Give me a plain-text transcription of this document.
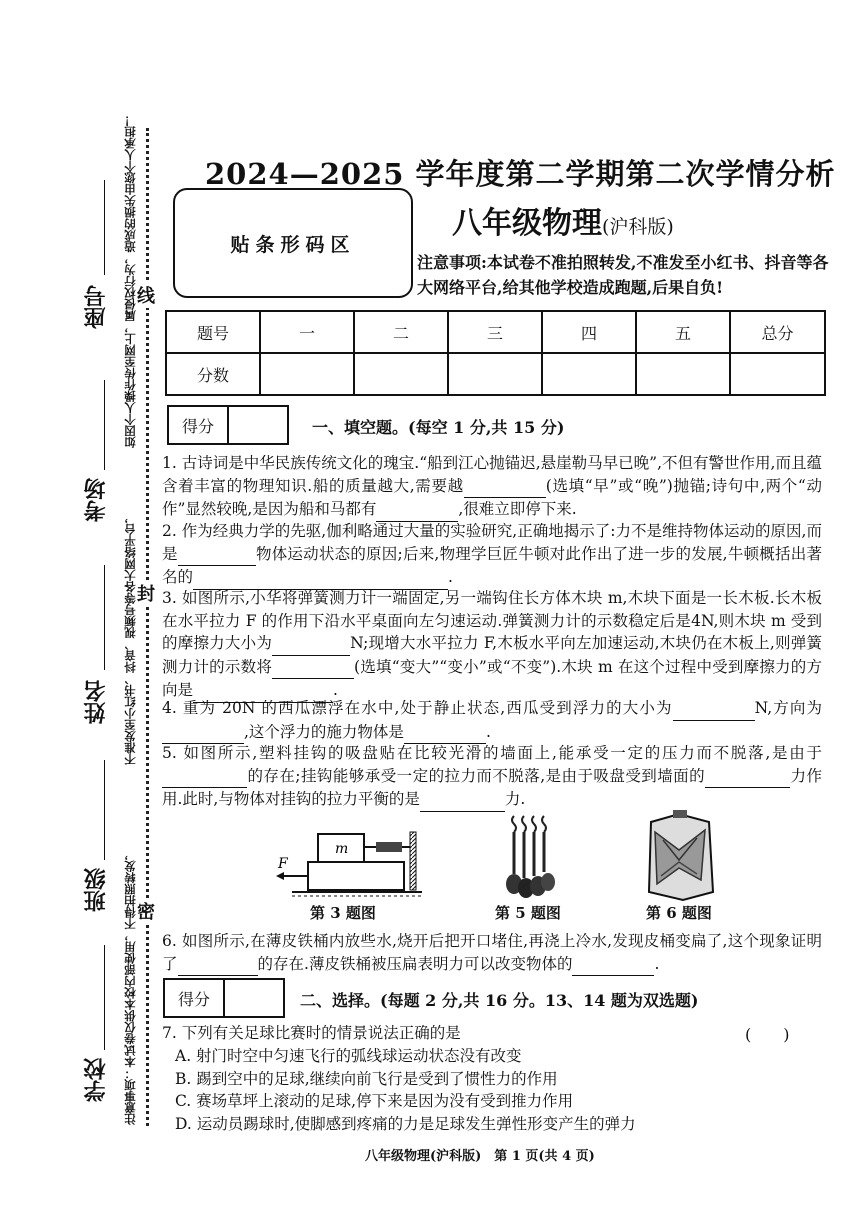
线
封
密
如因个人操作传至网上，属侵权行为，造成的损失由您个人承担！
不准发至小红书、抖音、视频号等各大网络平台，
注意事项：本试卷仅供本校内部使用，不得拍照转发，
座号
考场
姓名
班级
学校
2024—2025 学年度第二学期第二次学情分析
贴条形码区
八年级物理(沪科版)
注意事项:本试卷不准拍照转发,不准发至小红书、抖音等各大网络平台,给其他学校造成跑题,后果自负!
题号	一	二	三	四	五	总分
分数						
得分	一、填空题。(每空 1 分,共 15 分)

1. 古诗词是中华民族传统文化的瑰宝.“船到江心抛锚迟,悬崖勒马早已晚”,不但有警世作用,而且蕴含着丰富的物理知识.船的质量越大,需要越	(选填“早”或“晚”)抛锚;诗句中,两个“动作”显然较晚,是因为船和马都有	,很难立即停下来.

2. 作为经典力学的先驱,伽利略通过大量的实验研究,正确地揭示了:力不是维持物体运动的原因,而是	物体运动状态的原因;后来,物理学巨匠牛顿对此作出了进一步的发展,牛顿概括出著名的	.

3. 如图所示,小华将弹簧测力计一端固定,另一端钩住长方体木块 m,木块下面是一长木板.长木板在水平拉力 F 的作用下沿水平桌面向左匀速运动.弹簧测力计的示数稳定后是4N,则木块 m 受到的摩擦力大小为	N;现增大水平拉力 F,木板水平向左加速运动,木块仍在木板上,则弹簧测力计的示数将	(选填“变大”“变小”或“不变”).木块 m 在这个过程中受到摩擦力的方向是	.

4. 重为 20N 的西瓜漂浮在水中,处于静止状态,西瓜受到浮力的大小为	N,方向为 ,这个浮力的施力物体是	.

5. 如图所示,塑料挂钩的吸盘贴在比较光滑的墙面上,能承受一定的压力而不脱落,是由于 的存在;挂钩能够承受一定的拉力而不脱落,是由于吸盘受到墙面的	力作用.此时,与物体对挂钩的拉力平衡的是	力.

m
F
第 3 题图	第 5 题图	第 6 题图

6. 如图所示,在薄皮铁桶内放些水,烧开后把开口堵住,再浇上冷水,发现皮桶变扁了,这个现象证明了	的存在.薄皮铁桶被压扁表明力可以改变物体的	.

得分	二、选择。(每题 2 分,共 16 分。13、14 题为双选题)
7. 下列有关足球比赛时的情景说法正确的是	(　　)

A. 射门时空中匀速飞行的弧线球运动状态没有改变

B. 踢到空中的足球,继续向前飞行是受到了惯性力的作用

C. 赛场草坪上滚动的足球,停下来是因为没有受到推力作用

D. 运动员踢球时,使脚感到疼痛的力是足球发生弹性形变产生的弹力

八年级物理(沪科版)　第 1 页(共 4 页)
